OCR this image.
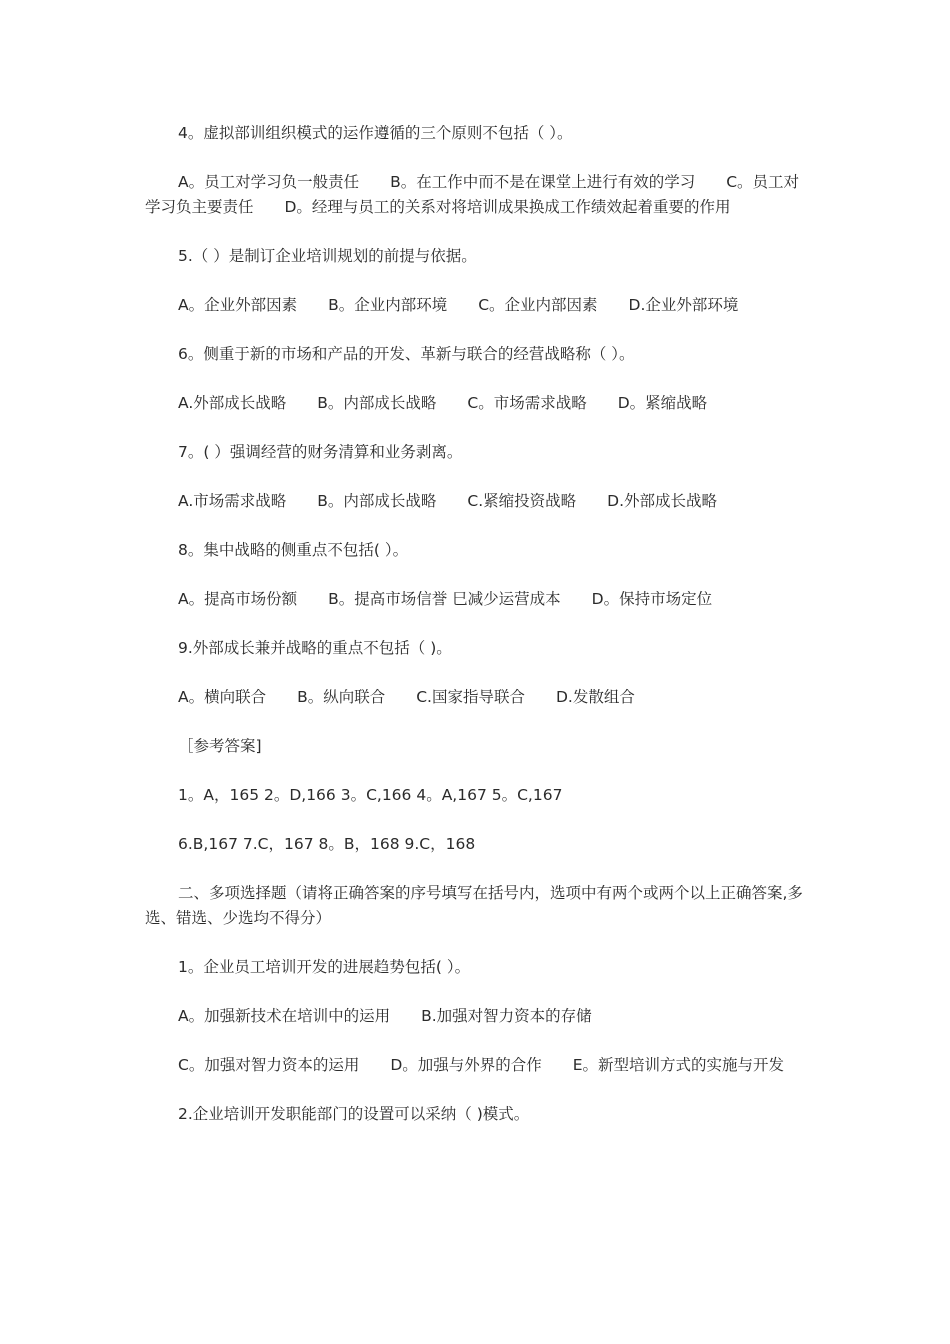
4。虚拟部训组织模式的运作遵循的三个原则不包括（ ）。

A。员工对学习负一般责任　　B。在工作中而不是在课堂上进行有效的学习　　C。员工对学习负主要责任　　D。经理与员工的关系对将培训成果换成工作绩效起着重要的作用

5.（ ）是制订企业培训规划的前提与依据。

A。企业外部因素　　B。企业内部环境　　C。企业内部因素　　D.企业外部环境

6。侧重于新的市场和产品的开发、革新与联合的经营战略称（ ）。

A.外部成长战略　　B。内部成长战略　　C。市场需求战略　　D。紧缩战略

7。( ）强调经营的财务清算和业务剥离。

A.市场需求战略　　B。内部成长战略　　C.紧缩投资战略　　D.外部成长战略

8。集中战略的侧重点不包括( ）。

A。提高市场份额　　B。提高市场信誉 巳减少运营成本　　D。保持市场定位

9.外部成长兼并战略的重点不包括（ )。

A。横向联合　　B。纵向联合　　C.国家指导联合　　D.发散组合

［参考答案]

1。A，165 2。D,166 3。C,166 4。A,167 5。C,167

6.B,167 7.C，167 8。B，168 9.C，168

二、多项选择题（请将正确答案的序号填写在括号内，选项中有两个或两个以上正确答案,多选、错选、少选均不得分）

1。企业员工培训开发的进展趋势包括( ）。

A。加强新技术在培训中的运用　　B.加强对智力资本的存储

C。加强对智力资本的运用　　D。加强与外界的合作　　E。新型培训方式的实施与开发

2.企业培训开发职能部门的设置可以采纳（ )模式。
